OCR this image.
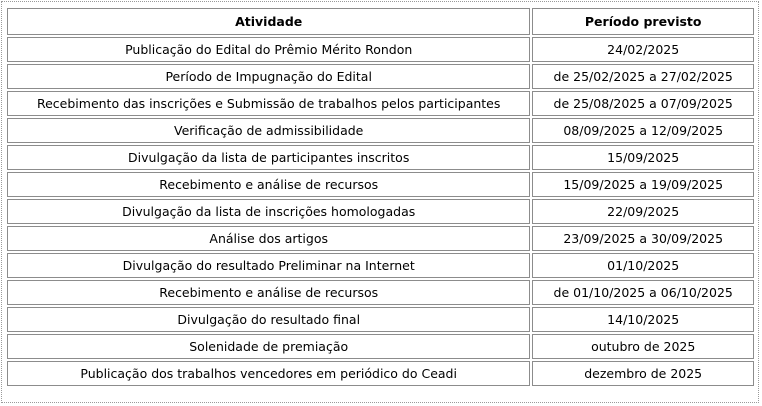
Atividade	Período previsto
Publicação do Edital do Prêmio Mérito Rondon	24/02/2025
Período de Impugnação do Edital	de 25/02/2025 a 27/02/2025
Recebimento das inscrições e Submissão de trabalhos pelos participantes	de 25/08/2025 a 07/09/2025
Verificação de admissibilidade	08/09/2025 a 12/09/2025
Divulgação da lista de participantes inscritos	15/09/2025
Recebimento e análise de recursos	15/09/2025 a 19/09/2025
Divulgação da lista de inscrições homologadas	22/09/2025
Análise dos artigos	23/09/2025 a 30/09/2025
Divulgação do resultado Preliminar na Internet	01/10/2025
Recebimento e análise de recursos	de 01/10/2025 a 06/10/2025
Divulgação do resultado final	14/10/2025
Solenidade de premiação	outubro de 2025
Publicação dos trabalhos vencedores em periódico do Ceadi	dezembro de 2025
